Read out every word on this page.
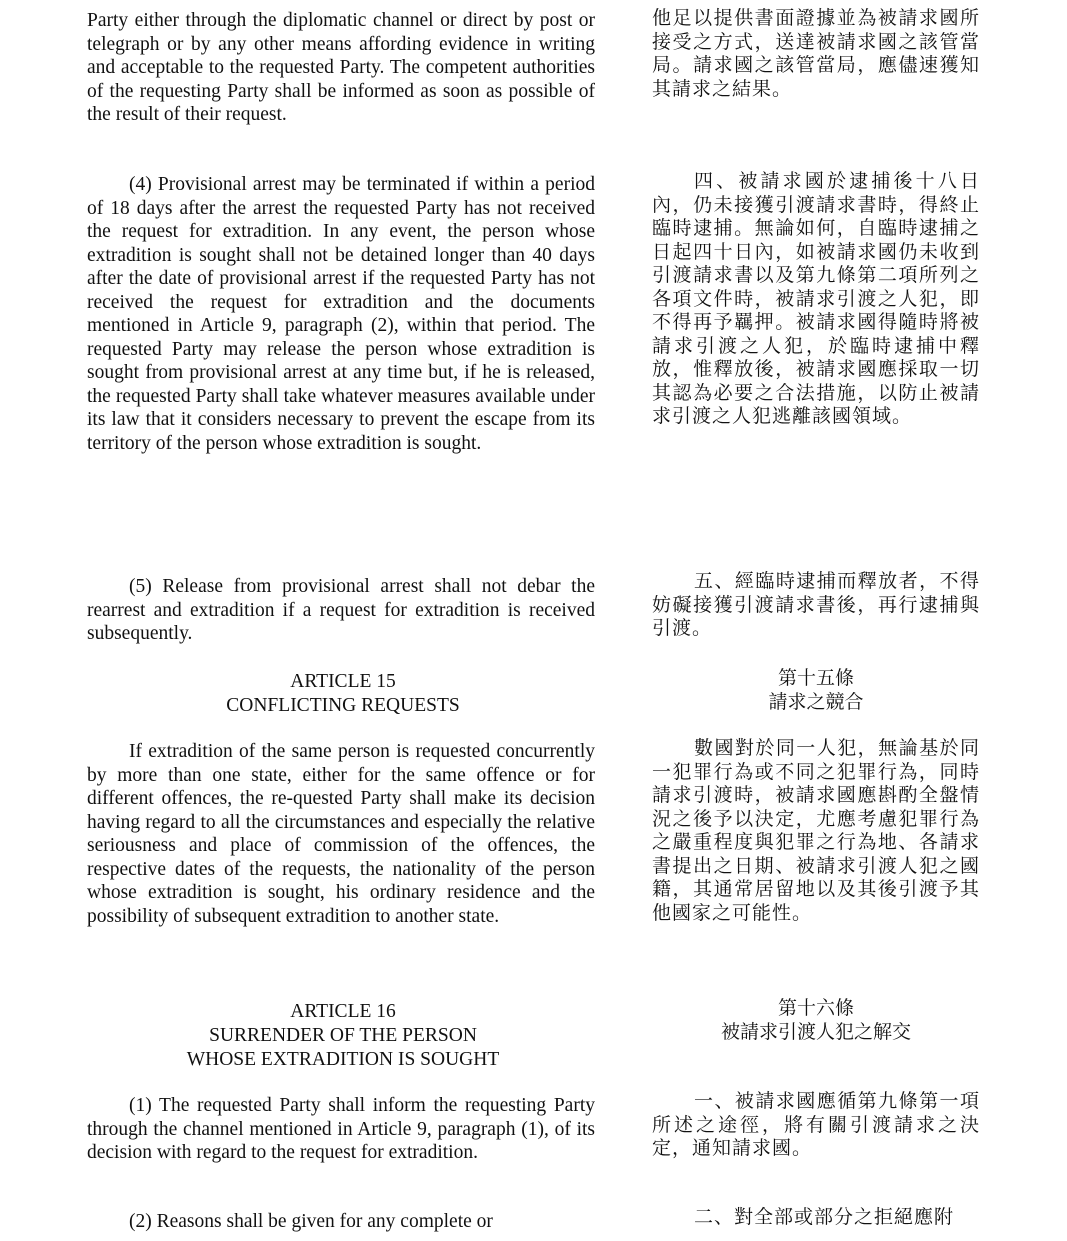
Party either through the diplomatic channel or direct by post or telegraph or by any other means affording evidence in writing and acceptable to the requested Party. The competent authorities of the requesting Party shall be informed as soon as possible of the result of their request.

(4) Provisional arrest may be terminated if within a period of 18 days after the arrest the requested Party has not received the request for extradition. In any event, the person whose extradition is sought shall not be detained longer than 40 days after the date of provisional arrest if the requested Party has not received the request for extradition and the documents mentioned in Article 9, paragraph (2), within that period. The requested Party may release the person whose extradition is sought from provisional arrest at any time but, if he is released, the requested Party shall take whatever measures available under its law that it considers necessary to prevent the escape from its territory of the person whose extradition is sought.

(5) Release from provisional arrest shall not debar the rearrest and extradition if a request for extradition is received subsequently.

ARTICLE 15

CONFLICTING REQUESTS

If extradition of the same person is requested concurrently by more than one state, either for the same offence or for different offences, the re-quested Party shall make its decision having regard to all the circumstances and especially the relative seriousness and place of commission of the offences, the respective dates of the requests, the nationality of the person whose extradition is sought, his ordinary residence and the possibility of subsequent extradition to another state.

ARTICLE 16

SURRENDER OF THE PERSON

WHOSE EXTRADITION IS SOUGHT

(1) The requested Party shall inform the requesting Party through the channel mentioned in Article 9, paragraph (1), of its decision with regard to the request for extradition.

(2) Reasons shall be given for any complete or

他足以提供書面證據並為被請求國所接受之方式，送達被請求國之該管當局。請求國之該管當局，應儘速獲知其請求之結果。

四、被請求國於逮捕後十八日內，仍未接獲引渡請求書時，得終止臨時逮捕。無論如何，自臨時逮捕之日起四十日內，如被請求國仍未收到引渡請求書以及第九條第二項所列之各項文件時，被請求引渡之人犯，即不得再予羈押。被請求國得隨時將被請求引渡之人犯，於臨時逮捕中釋放，惟釋放後，被請求國應採取一切其認為必要之合法措施，以防止被請求引渡之人犯逃離該國領域。

五、經臨時逮捕而釋放者，不得妨礙接獲引渡請求書後，再行逮捕與引渡。

第十五條

請求之競合

數國對於同一人犯，無論基於同一犯罪行為或不同之犯罪行為，同時請求引渡時，被請求國應斟酌全盤情況之後予以決定，尤應考慮犯罪行為之嚴重程度與犯罪之行為地、各請求書提出之日期、被請求引渡人犯之國籍，其通常居留地以及其後引渡予其他國家之可能性。

第十六條

被請求引渡人犯之解交

一、被請求國應循第九條第一項所述之途徑，將有關引渡請求之決定，通知請求國。

二、對全部或部分之拒絕應附
